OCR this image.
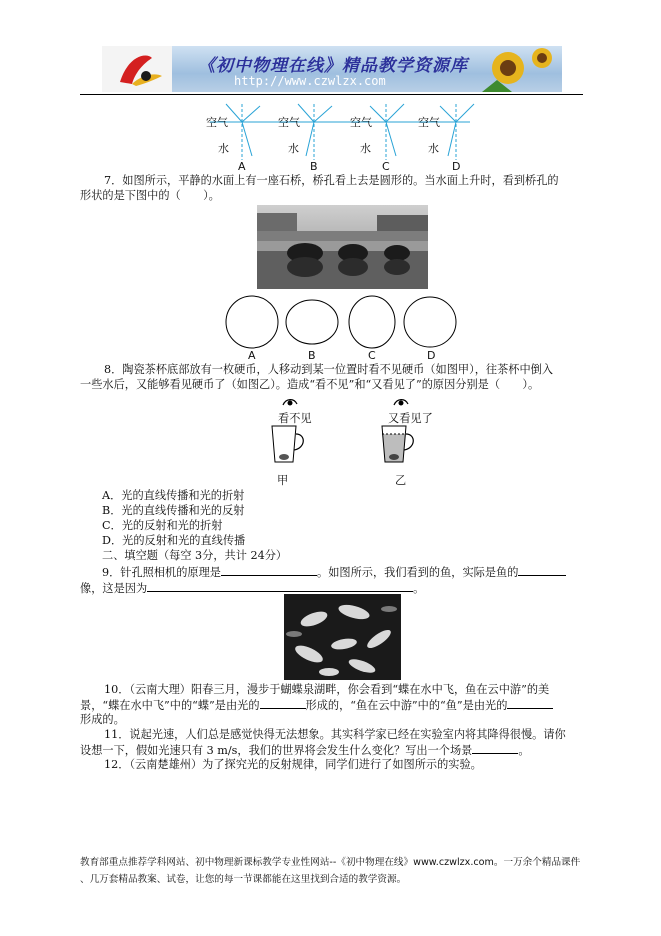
《初中物理在线》精品教学资源库
http://www.czwlzx.com
空气	空气	空气	空气
水	水	水	水
A	B	C	D
7．如图所示，平静的水面上有一座石桥，桥孔看上去是圆形的。当水面上升时，看到桥孔的
形状的是下图中的（　　）。
A	B	C	D
8．陶瓷茶杯底部放有一枚硬币，人移动到某一位置时看不见硬币（如图甲），往茶杯中倒入
一些水后，又能够看见硬币了（如图乙）。造成“看不见”和“又看见了”的原因分别是（　　）。
看不见	又看见了
甲	乙
A．光的直线传播和光的折射
B．光的直线传播和光的反射
C．光的反射和光的折射
D．光的反射和光的直线传播
二、填空题（每空 3分，共计 24分）
9．针孔照相机的原理是	。如图所示，我们看到的鱼，实际是鱼的
像，这是因为	。
10．（云南大理）阳春三月，漫步于蝴蝶泉湖畔，你会看到“蝶在水中飞，鱼在云中游”的美
景，“蝶在水中飞”中的“蝶”是由光的	形成的，“鱼在云中游”中的“鱼”是由光的
形成的。
11．说起光速，人们总是感觉快得无法想象。其实科学家已经在实验室内将其降得很慢。请你
设想一下，假如光速只有 3 m/s，我们的世界将会发生什么变化？写出一个场景	。
12．（云南楚雄州）为了探究光的反射规律，同学们进行了如图所示的实验。
教育部重点推荐学科网站、初中物理新课标教学专业性网站--《初中物理在线》www.czwlzx.com。一万余个精品课件
、几万套精品教案、试卷，让您的每一节课都能在这里找到合适的教学资源。
